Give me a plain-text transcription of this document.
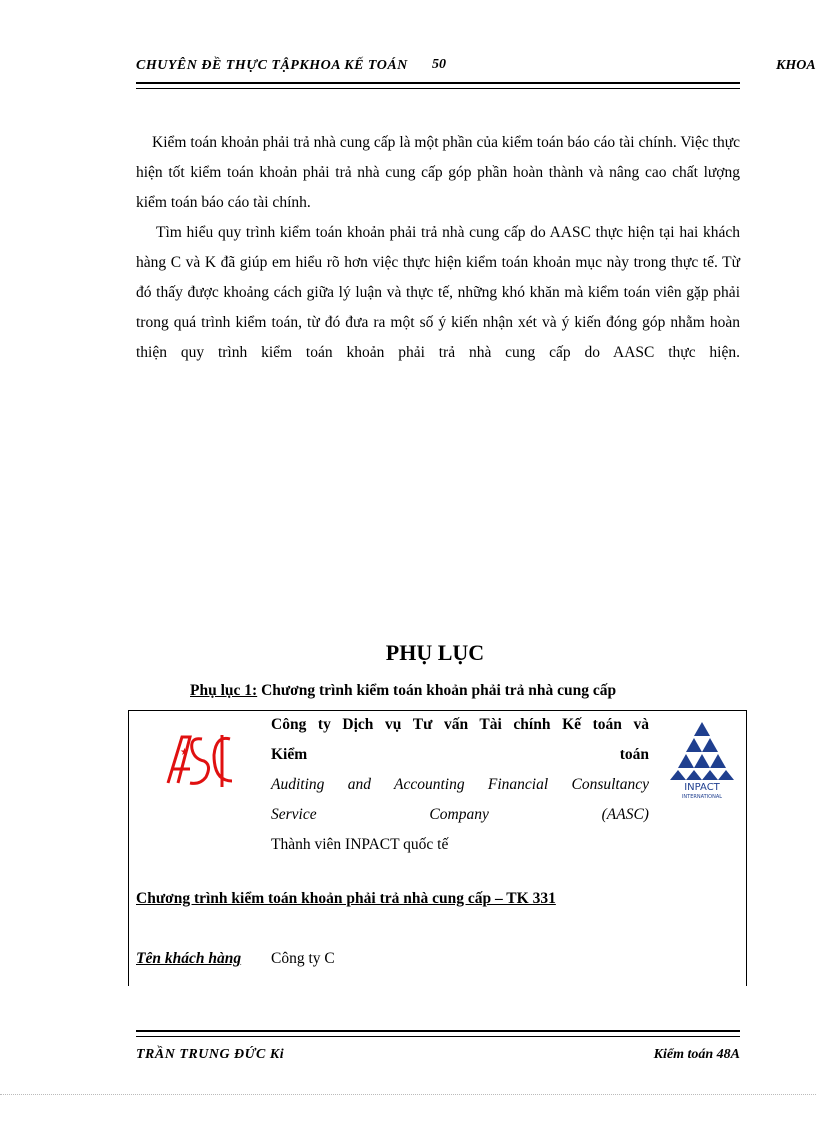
CHUYÊN ĐỀ THỰC TẬPKHOA KẾ TOÁN 50	KHOA
Kiểm toán khoản phải trả nhà cung cấp là một phần của kiểm toán báo cáo tài chính. Việc thực hiện tốt kiểm toán khoản phải trả nhà cung cấp góp phần hoàn thành và nâng cao chất lượng kiểm toán báo cáo tài chính.
Tìm hiểu quy trình kiểm toán khoản phải trả nhà cung cấp do AASC thực hiện tại hai khách hàng C và K đã giúp em hiểu rõ hơn việc thực hiện kiểm toán khoản mục này trong thực tế. Từ đó thấy được khoảng cách giữa lý luận và thực tế, những khó khăn mà kiểm toán viên gặp phải trong quá trình kiểm toán, từ đó đưa ra một số ý kiến nhận xét và ý kiến đóng góp nhằm hoàn thiện quy trình kiểm toán khoản phải trả nhà cung cấp do AASC thực hiện.
PHỤ LỤC
Phụ lục 1: Chương trình kiểm toán khoản phải trả nhà cung cấp
★
INPACT
INTERNATIONAL
Công ty Dịch vụ Tư vấn Tài chính Kế toán và
Kiểm	toán
Auditing and Accounting Financial Consultancy
Service	Company	(AASC)
Thành viên INPACT quốc tế
Chương trình kiểm toán khoản phải trả nhà cung cấp – TK 331
Tên khách hàng Công ty C
TRẦN TRUNG ĐỨC Ki	Kiểm toán 48A
